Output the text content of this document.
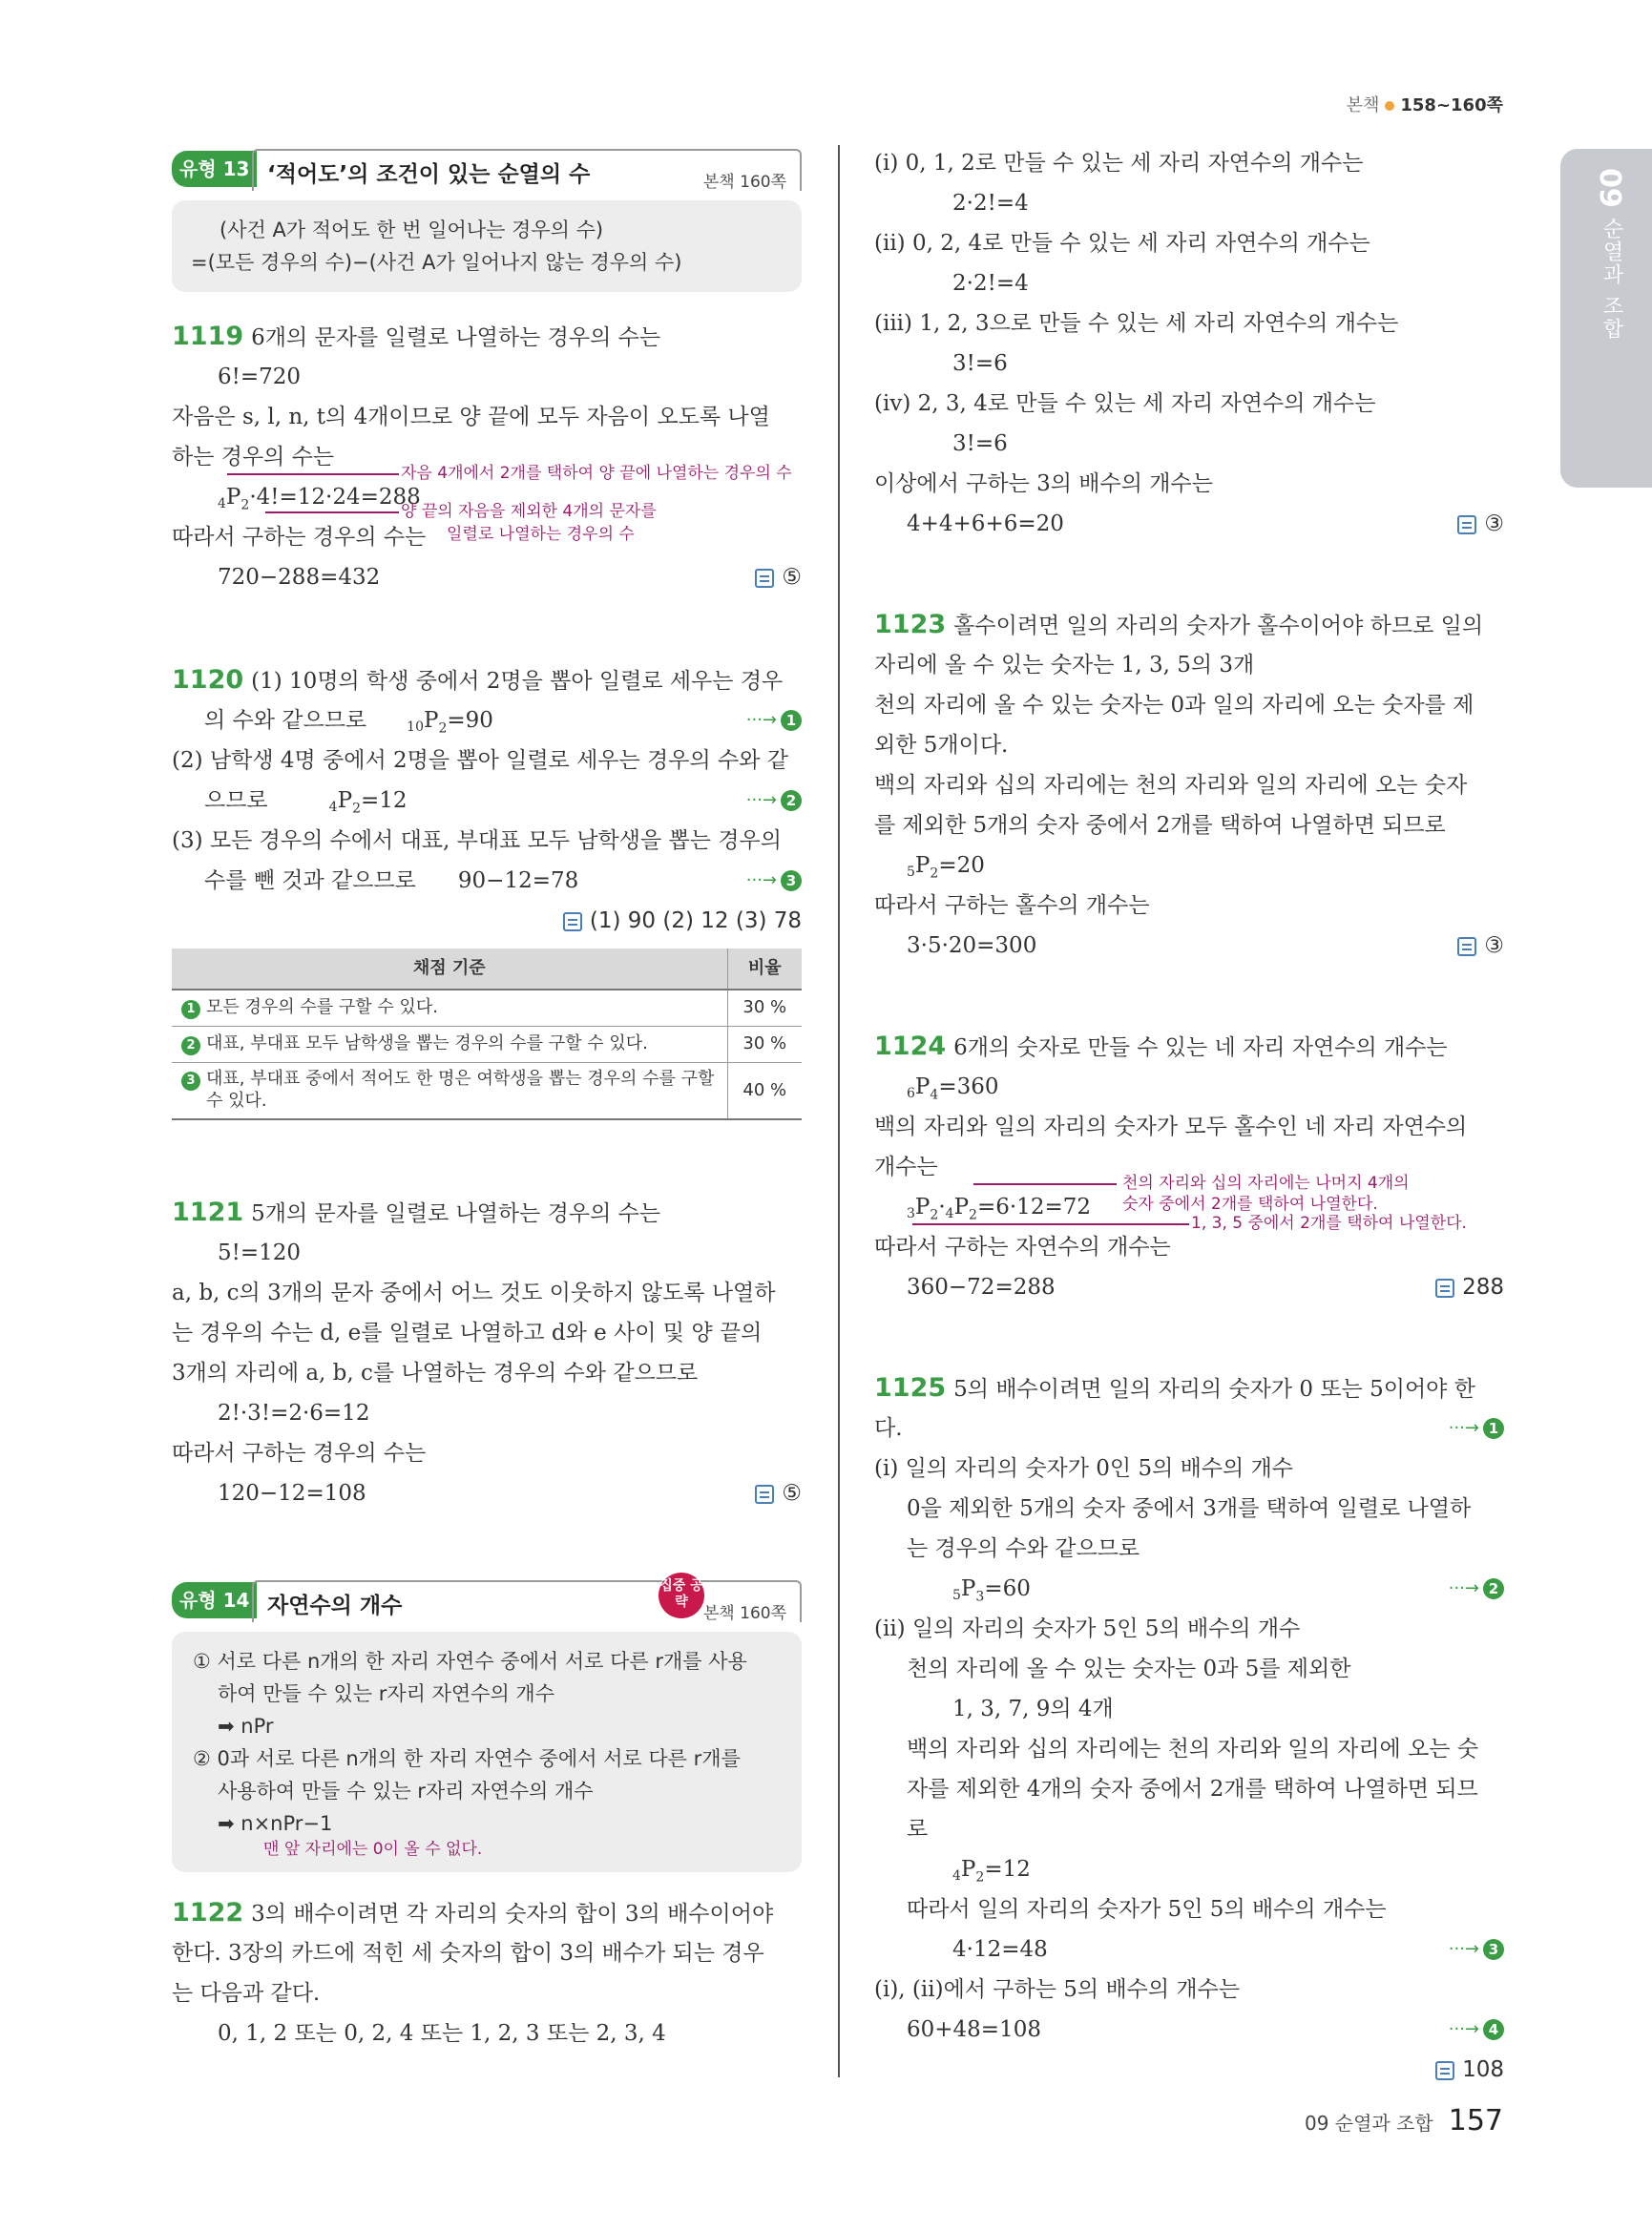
본책 158~160쪽
09
순열과 조합
유형 13 ‘적어도’의 조건이 있는 순열의 수	본책 160쪽
(사건 A가 적어도 한 번 일어나는 경우의 수)
=(모든 경우의 수)−(사건 A가 일어나지 않는 경우의 수)
1119 6개의 문자를 일렬로 나열하는 경우의 수는
6!=720
자음은 s, l, n, t의 4개이므로 양 끝에 모두 자음이 오도록 나열
하는 경우의 수는
$4P_2\cdot 4!=12\cdot 24=288$
자음 4개에서 2개를 택하여 양 끝에 나열하는 경우의 수
양 끝의 자음을 제외한 4개의 문자를
따라서 구하는 경우의 수는 일렬로 나열하는 경우의 수
720−288=432	⑤
1120 (1) 10명의 학생 중에서 2명을 뽑아 일렬로 세우는 경우
의 수와 같으므로	$10P_2=90$	···→ 1
(2) 남학생 4명 중에서 2명을 뽑아 일렬로 세우는 경우의 수와 같
으므로	$4P_2=12$	···→ 2
(3) 모든 경우의 수에서 대표, 부대표 모두 남학생을 뽑는 경우의
수를 뺀 것과 같으므로 90−12=78	···→ 3
(1) 90 (2) 12 (3) 78
채점 기준	비율
1 모든 경우의 수를 구할 수 있다.	30 %
2 대표, 부대표 모두 남학생을 뽑는 경우의 수를 구할 수 있다.	30 %
3 대표, 부대표 중에서 적어도 한 명은 여학생을 뽑는 경우의 수를 구할 수 있다.	40 %
1121 5개의 문자를 일렬로 나열하는 경우의 수는
5!=120
a, b, c의 3개의 문자 중에서 어느 것도 이웃하지 않도록 나열하
는 경우의 수는 d, e를 일렬로 나열하고 d와 e 사이 및 양 끝의
3개의 자리에 a, b, c를 나열하는 경우의 수와 같으므로
2!·3!=2·6=12
따라서 구하는 경우의 수는
120−12=108	⑤
유형 14 자연수의 개수
집중 공략
본책 160쪽
① 서로 다른 n개의 한 자리 자연수 중에서 서로 다른 r개를 사용
하여 만들 수 있는 r자리 자연수의 개수
➡ nPr
② 0과 서로 다른 n개의 한 자리 자연수 중에서 서로 다른 r개를
사용하여 만들 수 있는 r자리 자연수의 개수
➡ n×nPr−1
맨 앞 자리에는 0이 올 수 없다.
1122 3의 배수이려면 각 자리의 숫자의 합이 3의 배수이어야
한다. 3장의 카드에 적힌 세 숫자의 합이 3의 배수가 되는 경우
는 다음과 같다.
0, 1, 2 또는 0, 2, 4 또는 1, 2, 3 또는 2, 3, 4
(i) 0, 1, 2로 만들 수 있는 세 자리 자연수의 개수는
2·2!=4
(ii) 0, 2, 4로 만들 수 있는 세 자리 자연수의 개수는
2·2!=4
(iii) 1, 2, 3으로 만들 수 있는 세 자리 자연수의 개수는
3!=6
(iv) 2, 3, 4로 만들 수 있는 세 자리 자연수의 개수는
3!=6
이상에서 구하는 3의 배수의 개수는
4+4+6+6=20	③
1123 홀수이려면 일의 자리의 숫자가 홀수이어야 하므로 일의
자리에 올 수 있는 숫자는 1, 3, 5의 3개
천의 자리에 올 수 있는 숫자는 0과 일의 자리에 오는 숫자를 제
외한 5개이다.
백의 자리와 십의 자리에는 천의 자리와 일의 자리에 오는 숫자
를 제외한 5개의 숫자 중에서 2개를 택하여 나열하면 되므로
$5P_2=20$
따라서 구하는 홀수의 개수는
3·5·20=300	③
1124 6개의 숫자로 만들 수 있는 네 자리 자연수의 개수는
$6P_4=360$
백의 자리와 일의 자리의 숫자가 모두 홀수인 네 자리 자연수의
개수는
$3P_2\cdot 4P_2=6\cdot 12=72$
천의 자리와 십의 자리에는 나머지 4개의
숫자 중에서 2개를 택하여 나열한다.
1, 3, 5 중에서 2개를 택하여 나열한다.
따라서 구하는 자연수의 개수는
360−72=288	288
1125 5의 배수이려면 일의 자리의 숫자가 0 또는 5이어야 한
다.	···→ 1
(i) 일의 자리의 숫자가 0인 5의 배수의 개수
0을 제외한 5개의 숫자 중에서 3개를 택하여 일렬로 나열하
는 경우의 수와 같으므로
$5P_3=60$	···→ 2
(ii) 일의 자리의 숫자가 5인 5의 배수의 개수
천의 자리에 올 수 있는 숫자는 0과 5를 제외한
1, 3, 7, 9의 4개
백의 자리와 십의 자리에는 천의 자리와 일의 자리에 오는 숫
자를 제외한 4개의 숫자 중에서 2개를 택하여 나열하면 되므
로
$4P_2=12$
따라서 일의 자리의 숫자가 5인 5의 배수의 개수는
4·12=48	···→ 3
(i), (ii)에서 구하는 5의 배수의 개수는
60+48=108	···→ 4
108
09 순열과 조합 157
